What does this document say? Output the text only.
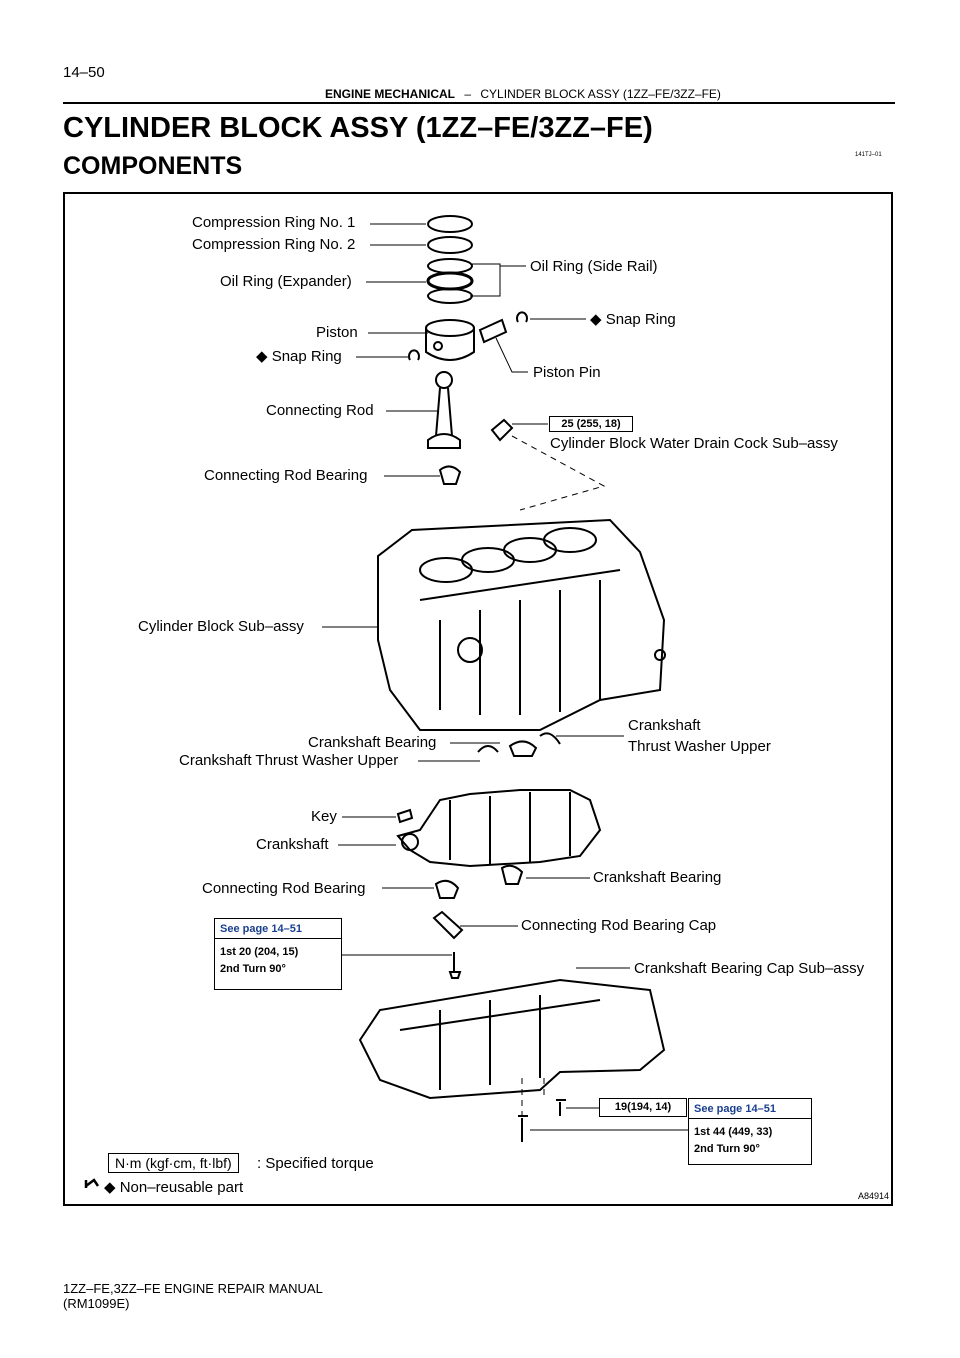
14–50
ENGINE MECHANICAL – CYLINDER BLOCK ASSY (1ZZ–FE/3ZZ–FE)
CYLINDER BLOCK ASSY (1ZZ–FE/3ZZ–FE)
COMPONENTS	141TJ–01
Compression Ring No. 1
Compression Ring No. 2
Oil Ring (Side Rail)
Oil Ring (Expander)
◆ Snap Ring
Piston
◆ Snap Ring
Piston Pin
Connecting Rod
25 (255, 18)
Cylinder Block Water Drain Cock Sub–assy
Connecting Rod Bearing
Cylinder Block Sub–assy
Crankshaft Bearing
Crankshaft
Thrust Washer Upper
Crankshaft Thrust Washer Upper
Key
Crankshaft
Connecting Rod Bearing
Crankshaft Bearing
Connecting Rod Bearing Cap
Crankshaft Bearing Cap Sub–assy
See page 14–51
1st 20 (204, 15)
2nd Turn 90°
19(194, 14)	See page 14–51
1st 44 (449, 33)
2nd Turn 90°
N·m (kgf·cm, ft·lbf)	: Specified torque
◆ Non–reusable part	A84914
1ZZ–FE,3ZZ–FE ENGINE REPAIR MANUAL
(RM1099E)
